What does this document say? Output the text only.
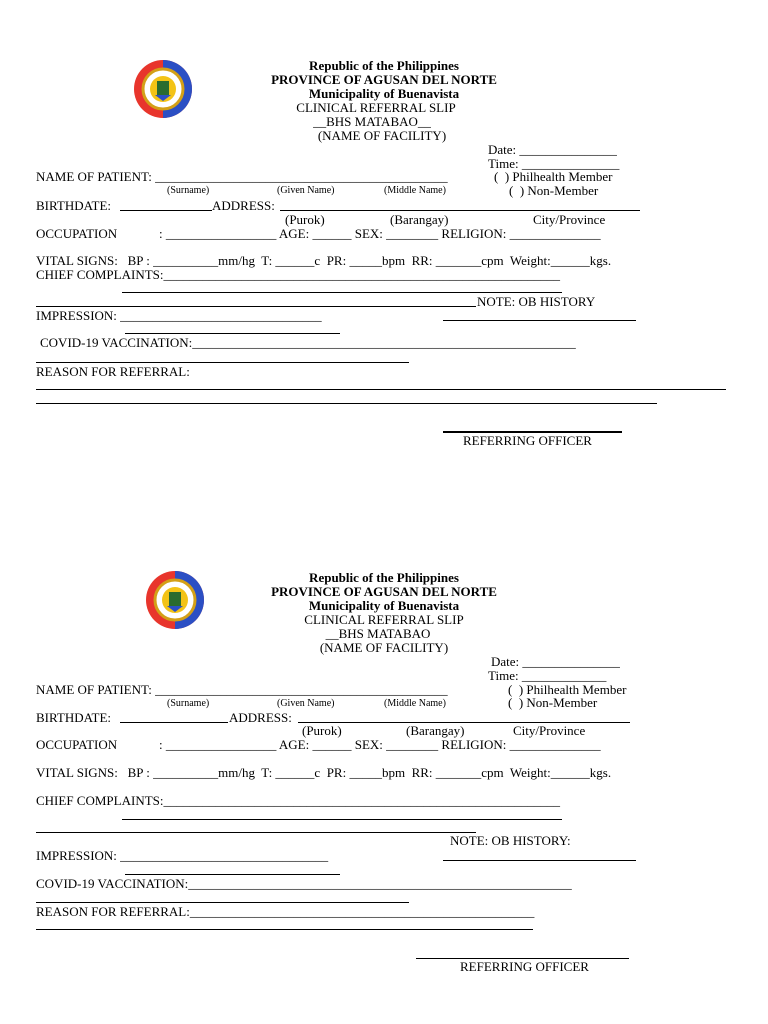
Republic of the Philippines
PROVINCE OF AGUSAN DEL NORTE
Municipality of Buenavista
CLINICAL REFERRAL SLIP
__BHS MATABAO__
(NAME OF FACILITY)
Date: _______________
Time: _______________
NAME OF PATIENT: _____________________________________________	(  ) Philhealth Member
(Surname)	(Given Name)	(Middle Name)	(  ) Non-Member
BIRTHDATE:	ADDRESS:
(Purok)	(Barangay)	City/Province
OCCUPATION	: _________________ AGE: ______ SEX: ________ RELIGION: ______________
VITAL SIGNS:   BP : __________mm/hg  T: ______c  PR: _____bpm  RR: _______cpm  Weight:______kgs.
CHIEF COMPLAINTS:_____________________________________________________________
NOTE: OB HISTORY
IMPRESSION: _______________________________
COVID-19 VACCINATION:___________________________________________________________
REASON FOR REFERRAL:
REFERRING OFFICER
Republic of the Philippines
PROVINCE OF AGUSAN DEL NORTE
Municipality of Buenavista
CLINICAL REFERRAL SLIP
__BHS MATABAO
(NAME OF FACILITY)
Date: _______________
Time: _____________
NAME OF PATIENT: _____________________________________________	(  ) Philhealth Member
(Surname)	(Given Name)	(Middle Name)	(  ) Non-Member
BIRTHDATE:	ADDRESS:
(Purok)	(Barangay)	City/Province
OCCUPATION	: _________________ AGE: ______ SEX: ________ RELIGION: ______________
VITAL SIGNS:   BP : __________mm/hg  T: ______c  PR: _____bpm  RR: _______cpm  Weight:______kgs.
CHIEF COMPLAINTS:_____________________________________________________________
NOTE: OB HISTORY:
IMPRESSION: ________________________________
COVID-19 VACCINATION:___________________________________________________________
REASON FOR REFERRAL:_____________________________________________________
REFERRING OFFICER
